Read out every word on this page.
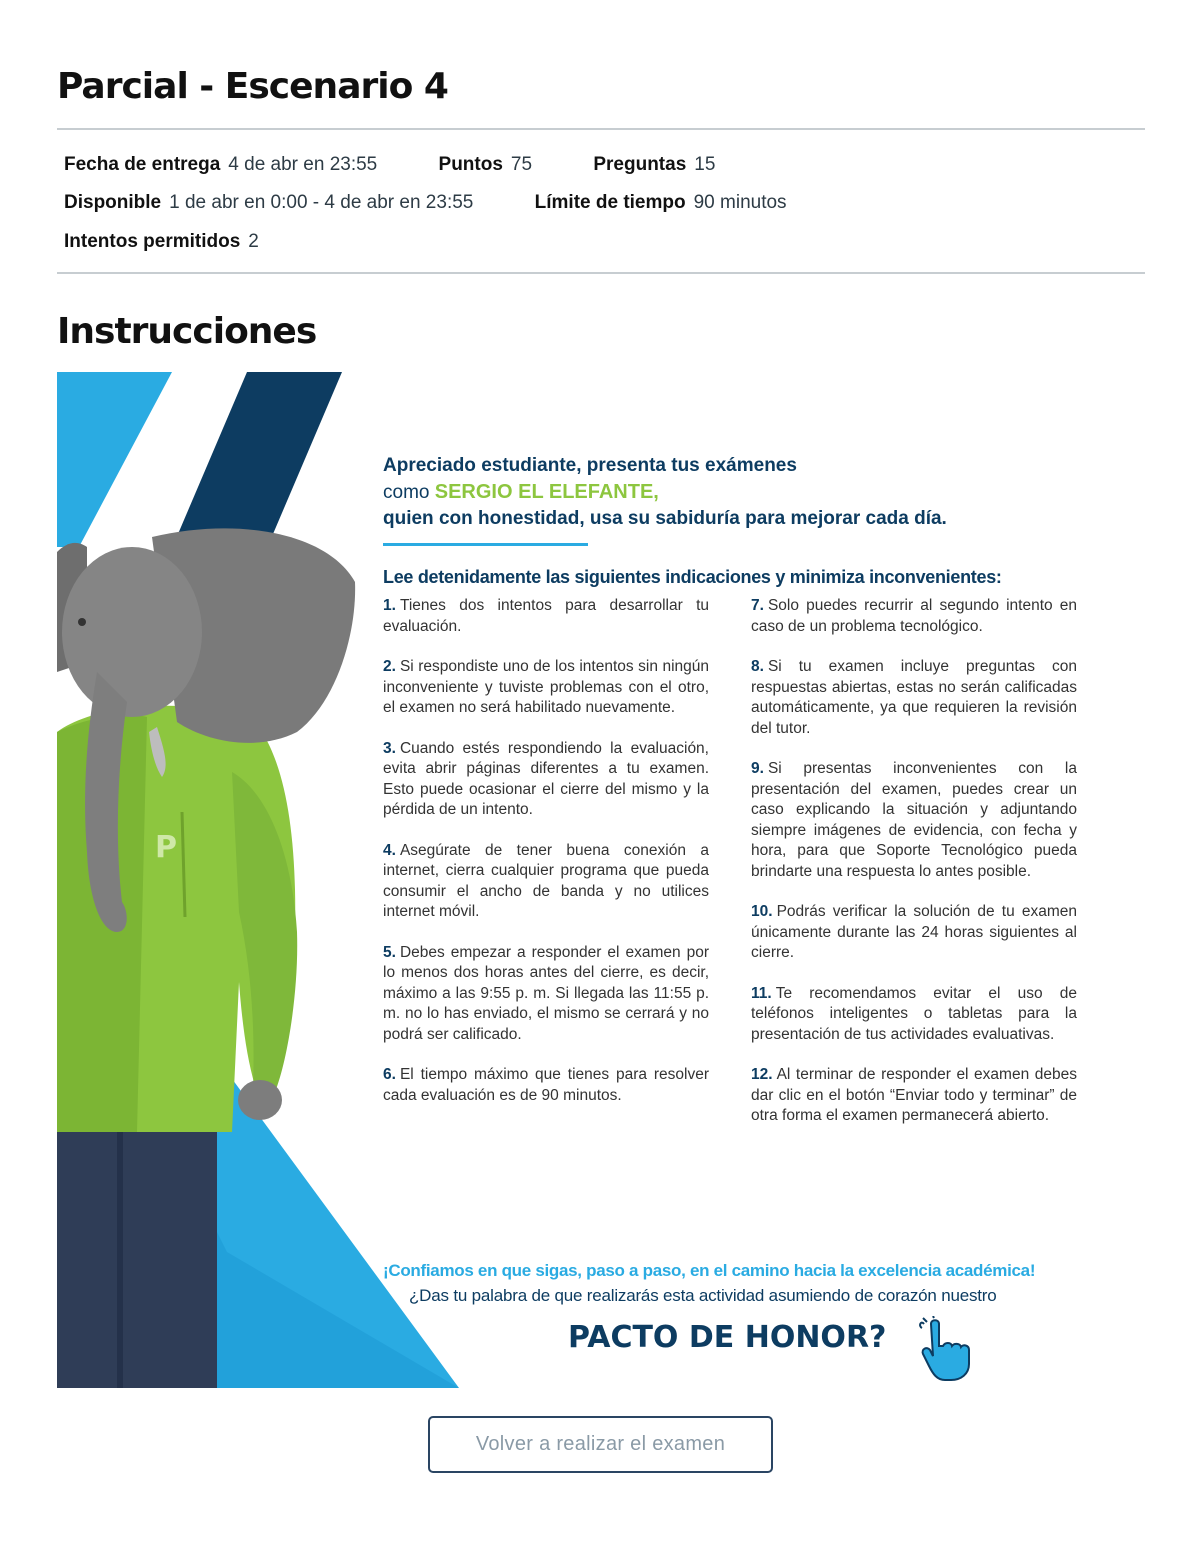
Parcial - Escenario 4
Fecha de entrega 4 de abr en 23:55	Puntos 75	Preguntas 15
Disponible 1 de abr en 0:00 - 4 de abr en 23:55	Límite de tiempo 90 minutos
Intentos permitidos 2
Instrucciones
P
Apreciado estudiante, presenta tus exámenes
como SERGIO EL ELEFANTE,
quien con honestidad, usa su sabiduría para mejorar cada día.
Lee detenidamente las siguientes indicaciones y minimiza inconvenientes:
1. Tienes dos intentos para desarrollar tu evaluación.
2. Si respondiste uno de los intentos sin ningún inconveniente y tuviste problemas con el otro, el examen no será habilitado nuevamente.
3. Cuando estés respondiendo la evaluación, evita abrir páginas diferentes a tu examen. Esto puede ocasionar el cierre del mismo y la pérdida de un intento.
4. Asegúrate de tener buena conexión a internet, cierra cualquier programa que pueda consumir el ancho de banda y no utilices internet móvil.
5. Debes empezar a responder el examen por lo menos dos horas antes del cierre, es decir, máximo a las 9:55 p. m. Si llegada las 11:55 p. m. no lo has enviado, el mismo se cerrará y no podrá ser calificado.
6. El tiempo máximo que tienes para resolver cada evaluación es de 90 minutos.
7. Solo puedes recurrir al segundo intento en caso de un problema tecnológico.
8. Si tu examen incluye preguntas con respuestas abiertas, estas no serán calificadas automáticamente, ya que requieren la revisión del tutor.
9. Si presentas inconvenientes con la presentación del examen, puedes crear un caso explicando la situación y adjuntando siempre imágenes de evidencia, con fecha y hora, para que Soporte Tecnológico pueda brindarte una respuesta lo antes posible.
10. Podrás verificar la solución de tu examen únicamente durante las 24 horas siguientes al cierre.
11. Te recomendamos evitar el uso de teléfonos inteligentes o tabletas para la presentación de tus actividades evaluativas.
12. Al terminar de responder el examen debes dar clic en el botón “Enviar todo y terminar” de otra forma el examen permanecerá abierto.
¡Confiamos en que sigas, paso a paso, en el camino hacia la excelencia académica!
¿Das tu palabra de que realizarás esta actividad asumiendo de corazón nuestro
PACTO DE HONOR?
Volver a realizar el examen
